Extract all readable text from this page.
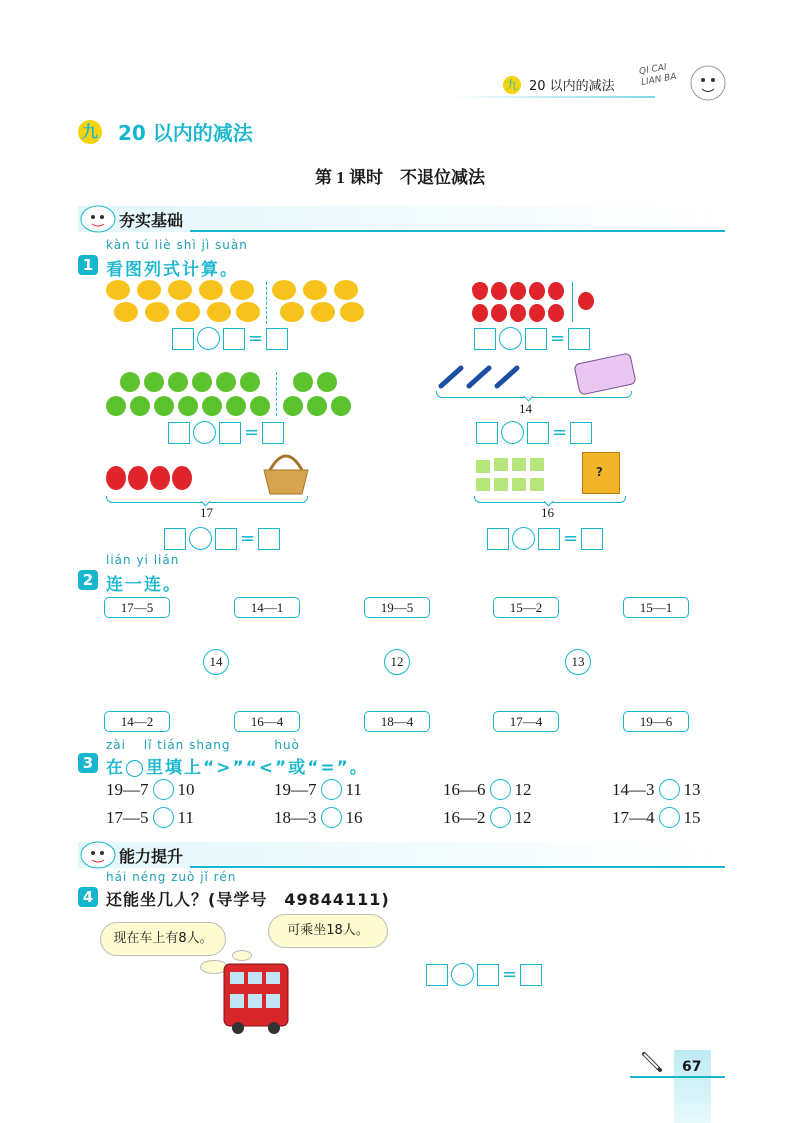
九 20 以内的减法
QI CAI LIAN BA
九 20 以内的减法
第 1 课时　不退位减法
夯实基础
kàn tú liè shì jì suàn
1 看图列式计算。
=	=
=
14
=
17
=
?
16
=
lián yi lián
2 连一连。
17—5	14—1	19—5	15—2	15—1
14	12	13
14—2	16—4	18—4	17—4	19—6
zài　 lǐ tián shang　　　 huò
3 在◯里填上“>”“<”或“=”。
19—7 10	19—7 11	16—6 12	14—3 13
17—5 11	18—3 16	16—2 12	17—4 15
能力提升
hái néng zuò jǐ rén
4 还能坐几人？(导学号　49844111)
现在车上有8人。
可乘坐18人。
=
67
